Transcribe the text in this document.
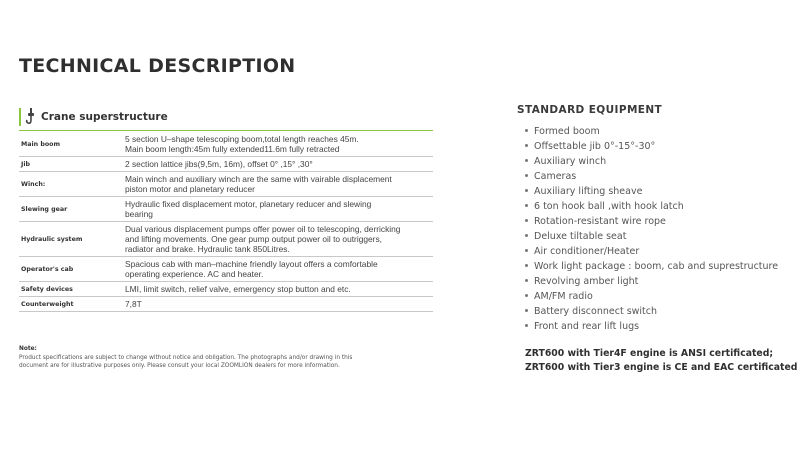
TECHNICAL DESCRIPTION
Crane superstructure
Main boom	5 section U–shape telescoping boom,total length reaches 45m.
Main boom length:45m fully extended11.6m fully retracted

Jib	2 section lattice jibs(9,5m, 16m), offset 0° ,15° ,30°

Winch:	Main winch and auxiliary winch are the same with vairable displacement
piston motor and planetary reducer

Slewing gear	Hydraulic fixed displacement motor, planetary reducer and slewing
bearing

Hydraulic system	Dual various displacement pumps offer power oil to telescoping, derricking
and lifting movements. One gear pump output power oil to outriggers,
radiator and brake. Hydraulic tank 850Litres.

Operator's cab	Spacious cab with man–machine friendly layout offers a comfortable
operating experience. AC and heater.

Safety devices	LMI, limit switch, relief valve, emergency stop button and etc.

Counterweight	7,8T
Note:
Product specifications are subject to change without notice and obligation. The photographs and/or drawing in this
document are for illustrative purposes only. Please consult your local ZOOMLION dealers for more information.
STANDARD EQUIPMENT
Formed boom
Offsettable jib 0°-15°-30°
Auxiliary winch
Cameras
Auxiliary lifting sheave
6 ton hook ball ,with hook latch
Rotation-resistant wire rope
Deluxe tiltable seat
Air conditioner/Heater
Work light package : boom, cab and suprestructure
Revolving amber light
AM/FM radio
Battery disconnect switch
Front and rear lift lugs
ZRT600 with Tier4F engine is ANSI certificated;
ZRT600 with Tier3 engine is CE and EAC certificated
